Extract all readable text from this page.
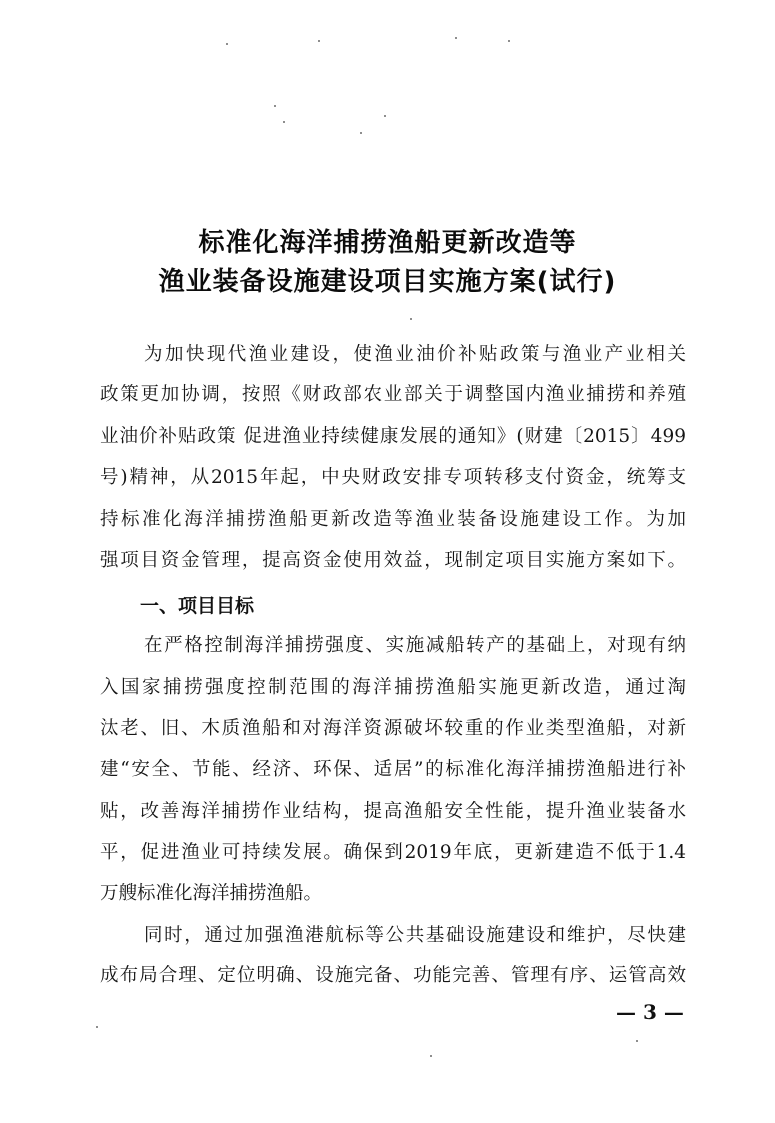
标准化海洋捕捞渔船更新改造等
渔业装备设施建设项目实施方案(试行)
为加快现代渔业建设，使渔业油价补贴政策与渔业产业相关
政策更加协调，按照《财政部农业部关于调整国内渔业捕捞和养殖
业油价补贴政策 促进渔业持续健康发展的通知》(财建〔2015〕499
号)精神，从2015年起，中央财政安排专项转移支付资金，统筹支
持标准化海洋捕捞渔船更新改造等渔业装备设施建设工作。为加
强项目资金管理，提高资金使用效益，现制定项目实施方案如下。
一、项目目标
在严格控制海洋捕捞强度、实施减船转产的基础上，对现有纳
入国家捕捞强度控制范围的海洋捕捞渔船实施更新改造，通过淘
汰老、旧、木质渔船和对海洋资源破坏较重的作业类型渔船，对新
建“安全、节能、经济、环保、适居”的标准化海洋捕捞渔船进行补
贴，改善海洋捕捞作业结构，提高渔船安全性能，提升渔业装备水
平，促进渔业可持续发展。确保到2019年底，更新建造不低于1.4
万艘标准化海洋捕捞渔船。
同时，通过加强渔港航标等公共基础设施建设和维护，尽快建
成布局合理、定位明确、设施完备、功能完善、管理有序、运管高效
— 3 —
